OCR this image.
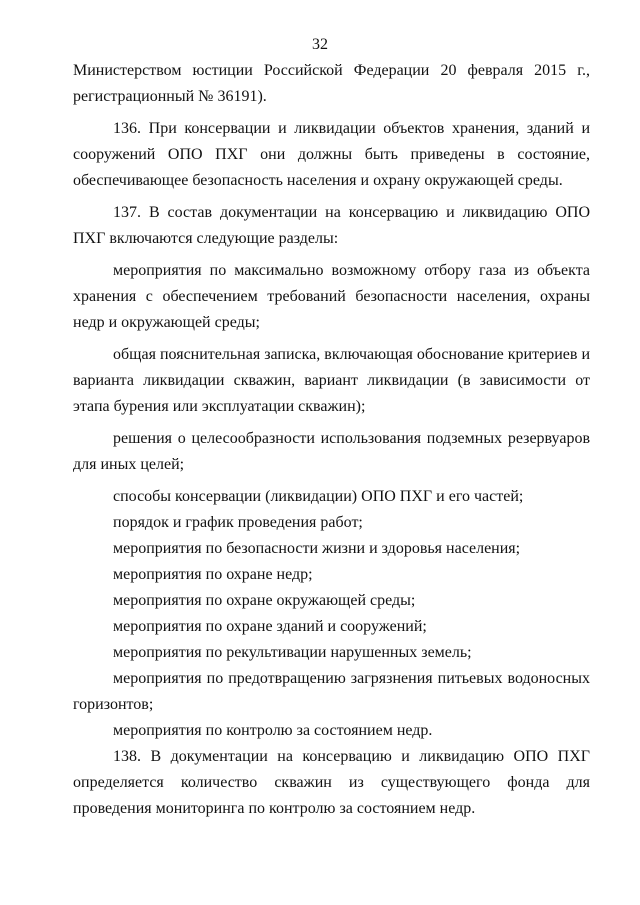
32

Министерством юстиции Российской Федерации 20 февраля 2015 г., регистрационный № 36191).

136. При консервации и ликвидации объектов хранения, зданий и сооружений ОПО ПХГ они должны быть приведены в состояние, обеспечивающее безопасность населения и охрану окружающей среды.

137. В состав документации на консервацию и ликвидацию ОПО ПХГ включаются следующие разделы:

мероприятия по максимально возможному отбору газа из объекта хранения с обеспечением требований безопасности населения, охраны недр и окружающей среды;

общая пояснительная записка, включающая обоснование критериев и варианта ликвидации скважин, вариант ликвидации (в зависимости от этапа бурения или эксплуатации скважин);

решения о целесообразности использования подземных резервуаров для иных целей;

способы консервации (ликвидации) ОПО ПХГ и его частей;

порядок и график проведения работ;

мероприятия по безопасности жизни и здоровья населения;

мероприятия по охране недр;

мероприятия по охране окружающей среды;

мероприятия по охране зданий и сооружений;

мероприятия по рекультивации нарушенных земель;

мероприятия по предотвращению загрязнения питьевых водоносных горизонтов;

мероприятия по контролю за состоянием недр.

138. В документации на консервацию и ликвидацию ОПО ПХГ определяется количество скважин из существующего фонда для проведения мониторинга по контролю за состоянием недр.
